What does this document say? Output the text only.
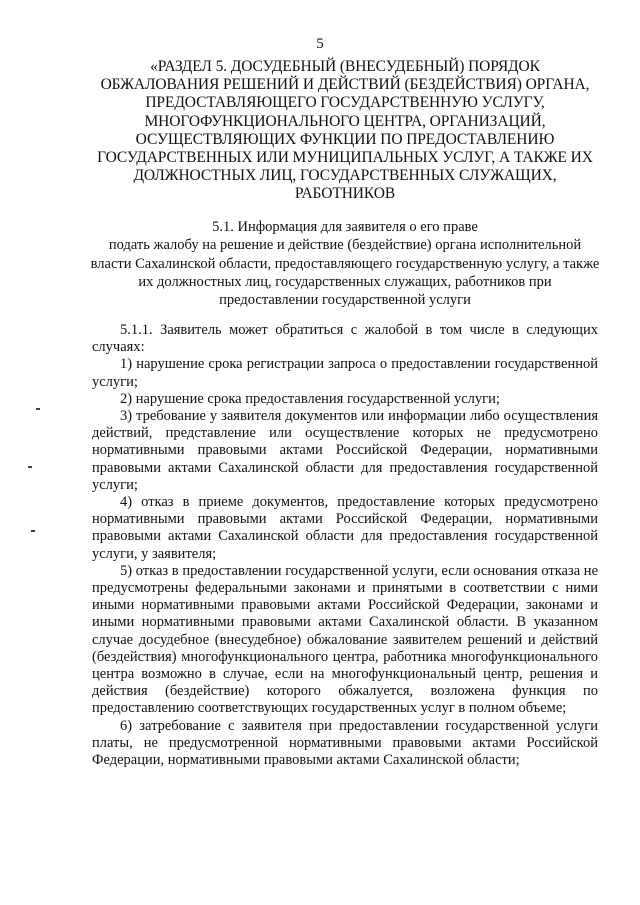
5
«РАЗДЕЛ 5. ДОСУДЕБНЫЙ (ВНЕСУДЕБНЫЙ) ПОРЯДОК ОБЖАЛОВАНИЯ РЕШЕНИЙ И ДЕЙСТВИЙ (БЕЗДЕЙСТВИЯ) ОРГАНА, ПРЕДОСТАВЛЯЮЩЕГО ГОСУДАРСТВЕННУЮ УСЛУГУ, МНОГОФУНКЦИОНАЛЬНОГО ЦЕНТРА, ОРГАНИЗАЦИЙ, ОСУЩЕСТВЛЯЮЩИХ ФУНКЦИИ ПО ПРЕДОСТАВЛЕНИЮ ГОСУДАРСТВЕННЫХ ИЛИ МУНИЦИПАЛЬНЫХ УСЛУГ, А ТАКЖЕ ИХ ДОЛЖНОСТНЫХ ЛИЦ, ГОСУДАРСТВЕННЫХ СЛУЖАЩИХ, РАБОТНИКОВ
5.1. Информация для заявителя о его праве
подать жалобу на решение и действие (бездействие) органа исполнительной власти Сахалинской области, предоставляющего государственную услугу, а также их должностных лиц, государственных служащих, работников при предоставлении государственной услуги

5.1.1. Заявитель может обратиться с жалобой в том числе в следующих случаях:

1) нарушение срока регистрации запроса о предоставлении государственной услуги;

2) нарушение срока предоставления государственной услуги;

3) требование у заявителя документов или информации либо осуществления действий, представление или осуществление которых не предусмотрено нормативными правовыми актами Российской Федерации, нормативными правовыми актами Сахалинской области для предоставления государственной услуги;

4) отказ в приеме документов, предоставление которых предусмотрено нормативными правовыми актами Российской Федерации, нормативными правовыми актами Сахалинской области для предоставления государственной услуги, у заявителя;

5) отказ в предоставлении государственной услуги, если основания отказа не предусмотрены федеральными законами и принятыми в соответствии с ними иными нормативными правовыми актами Российской Федерации, законами и иными нормативными правовыми актами Сахалинской области. В указанном случае досудебное (внесудебное) обжалование заявителем решений и действий (бездействия) многофункционального центра, работника многофункционального центра возможно в случае, если на многофункциональный центр, решения и действия (бездействие) которого обжалуется, возложена функция по предоставлению соответствующих государственных услуг в полном объеме;

6) затребование с заявителя при предоставлении государственной услуги платы, не предусмотренной нормативными правовыми актами Российской Федерации, нормативными правовыми актами Сахалинской области;
